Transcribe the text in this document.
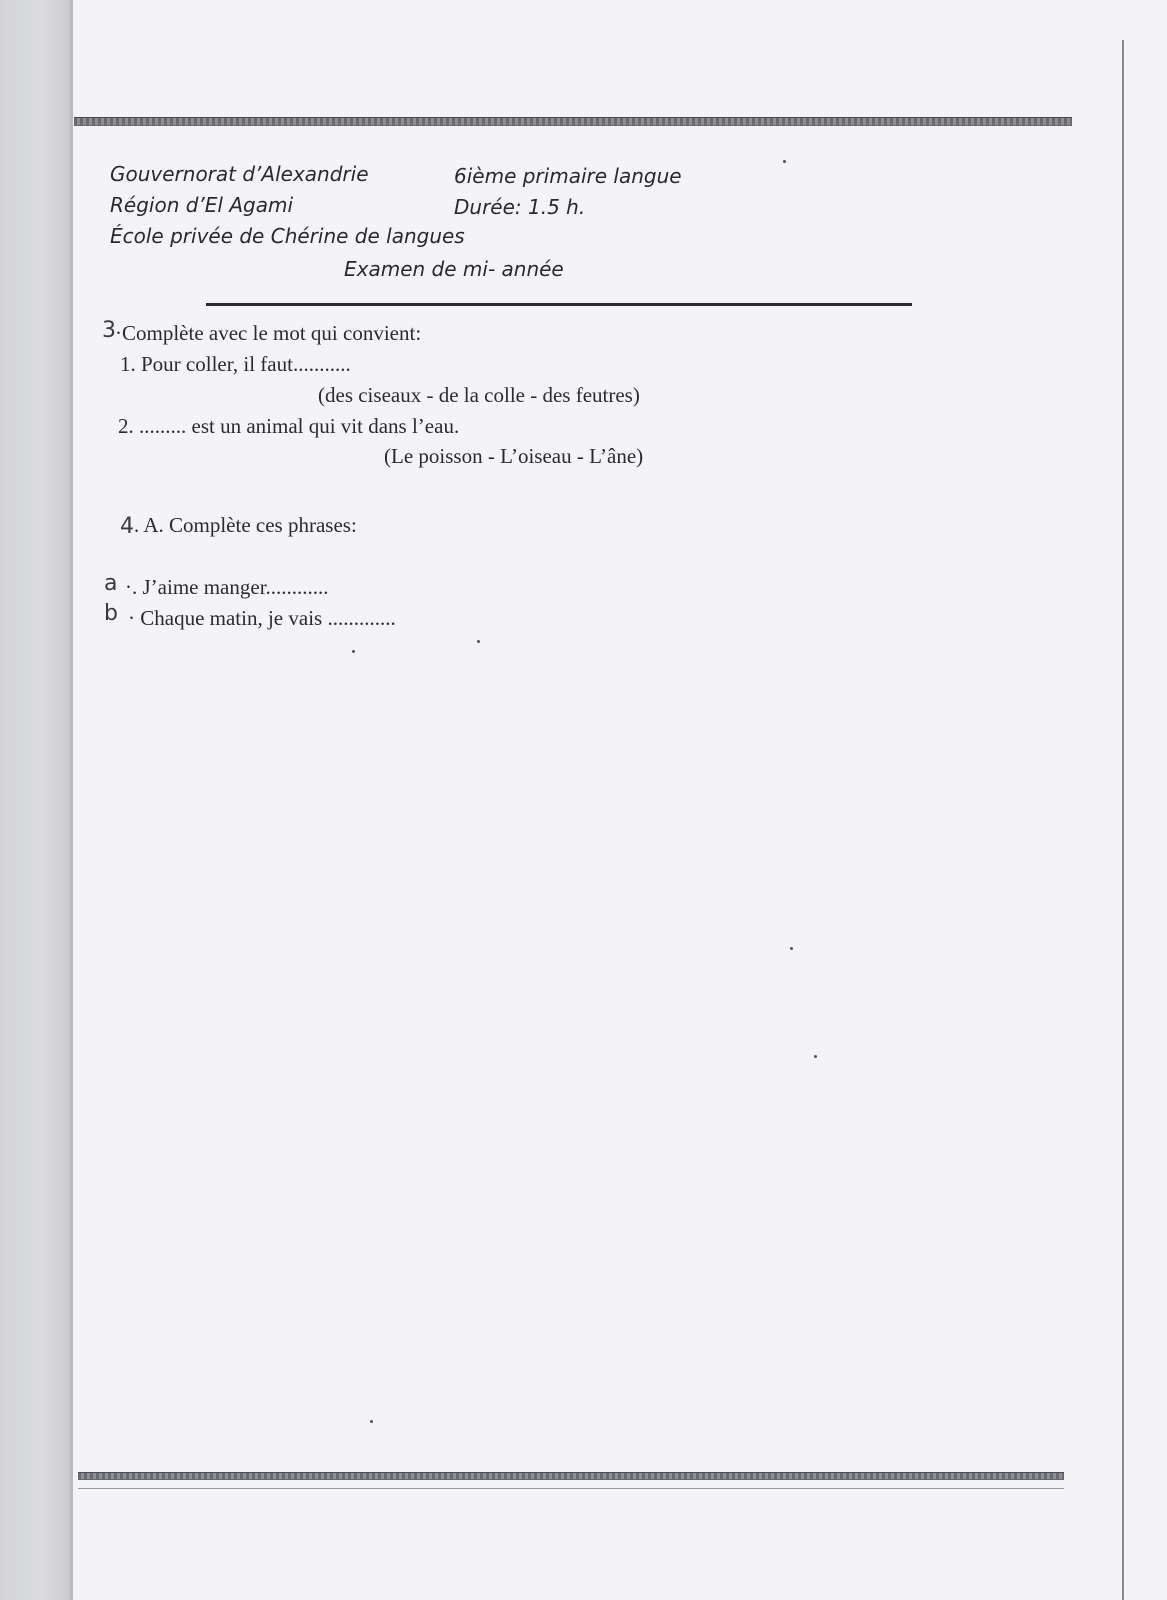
Gouvernorat d’Alexandrie
Région d’El Agami
École privée de Chérine de langues
6ième primaire langue
Durée: 1.5 h.
Examen de mi- année
3 ·Complète avec le mot qui convient:
1. Pour coller, il faut...........
(des ciseaux - de la colle - des feutres)
2. ......... est un animal qui vit dans l’eau.
(Le poisson - L’oiseau - L’âne)
4 . A. Complète ces phrases:
a ·. J’aime manger............
b · Chaque matin, je vais .............
